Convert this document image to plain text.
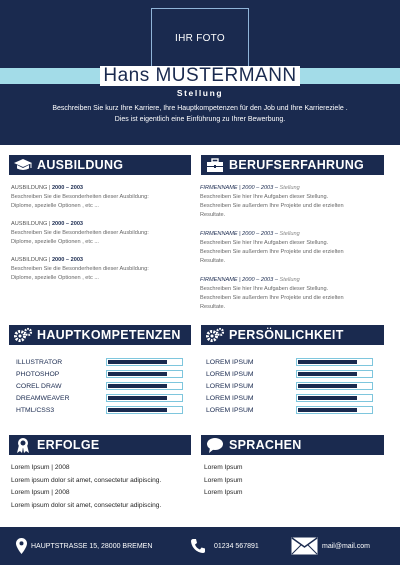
IHR FOTO
Hans MUSTERMANN
Stellung
Beschreiben Sie kurz Ihre Karriere, Ihre Hauptkompetenzen für den Job und Ihre Karriereziele .
Dies ist eigentlich eine Einführung zu Ihrer Bewerbung.
AUSBILDUNG
AUSBILDUNG | 2000 – 2003
Beschreiben Sie die Besonderheiten dieser Ausbildung:
Diplome, spezielle Optionen , etc ...
AUSBILDUNG | 2000 – 2003
Beschreiben Sie die Besonderheiten dieser Ausbildung:
Diplome, spezielle Optionen , etc ...
AUSBILDUNG | 2000 – 2003
Beschreiben Sie die Besonderheiten dieser Ausbildung:
Diplome, spezielle Optionen , etc ...
BERUFSERFAHRUNG
FIRMENNAME | 2000 – 2003 – Stellung
Beschreiben Sie hier Ihre Aufgaben dieser Stellung.
Beschreiben Sie außerdem Ihre Projekte und die erzielten
Resultate.
FIRMENNAME | 2000 – 2003 – Stellung
Beschreiben Sie hier Ihre Aufgaben dieser Stellung.
Beschreiben Sie außerdem Ihre Projekte und die erzielten
Resultate.
FIRMENNAME | 2000 – 2003 – Stellung
Beschreiben Sie hier Ihre Aufgaben dieser Stellung.
Beschreiben Sie außerdem Ihre Projekte und die erzielten
Resultate.
HAUPTKOMPETENZEN
ILLUSTRATOR
PHOTOSHOP
COREL DRAW
DREAMWEAVER
HTML/CSS3
PERSÖNLICHKEIT
LOREM IPSUM
LOREM IPSUM
LOREM IPSUM
LOREM IPSUM
LOREM IPSUM
ERFOLGE
Lorem Ipsum | 2008
Lorem ipsum dolor sit amet, consectetur adipiscing.
Lorem Ipsum | 2008
Lorem ipsum dolor sit amet, consectetur adipiscing.
SPRACHEN
Lorem Ipsum
Lorem Ipsum
Lorem Ipsum
HAUPTSTRASSE 15, 28000 BREMEN	01234 567891	mail@mail.com
